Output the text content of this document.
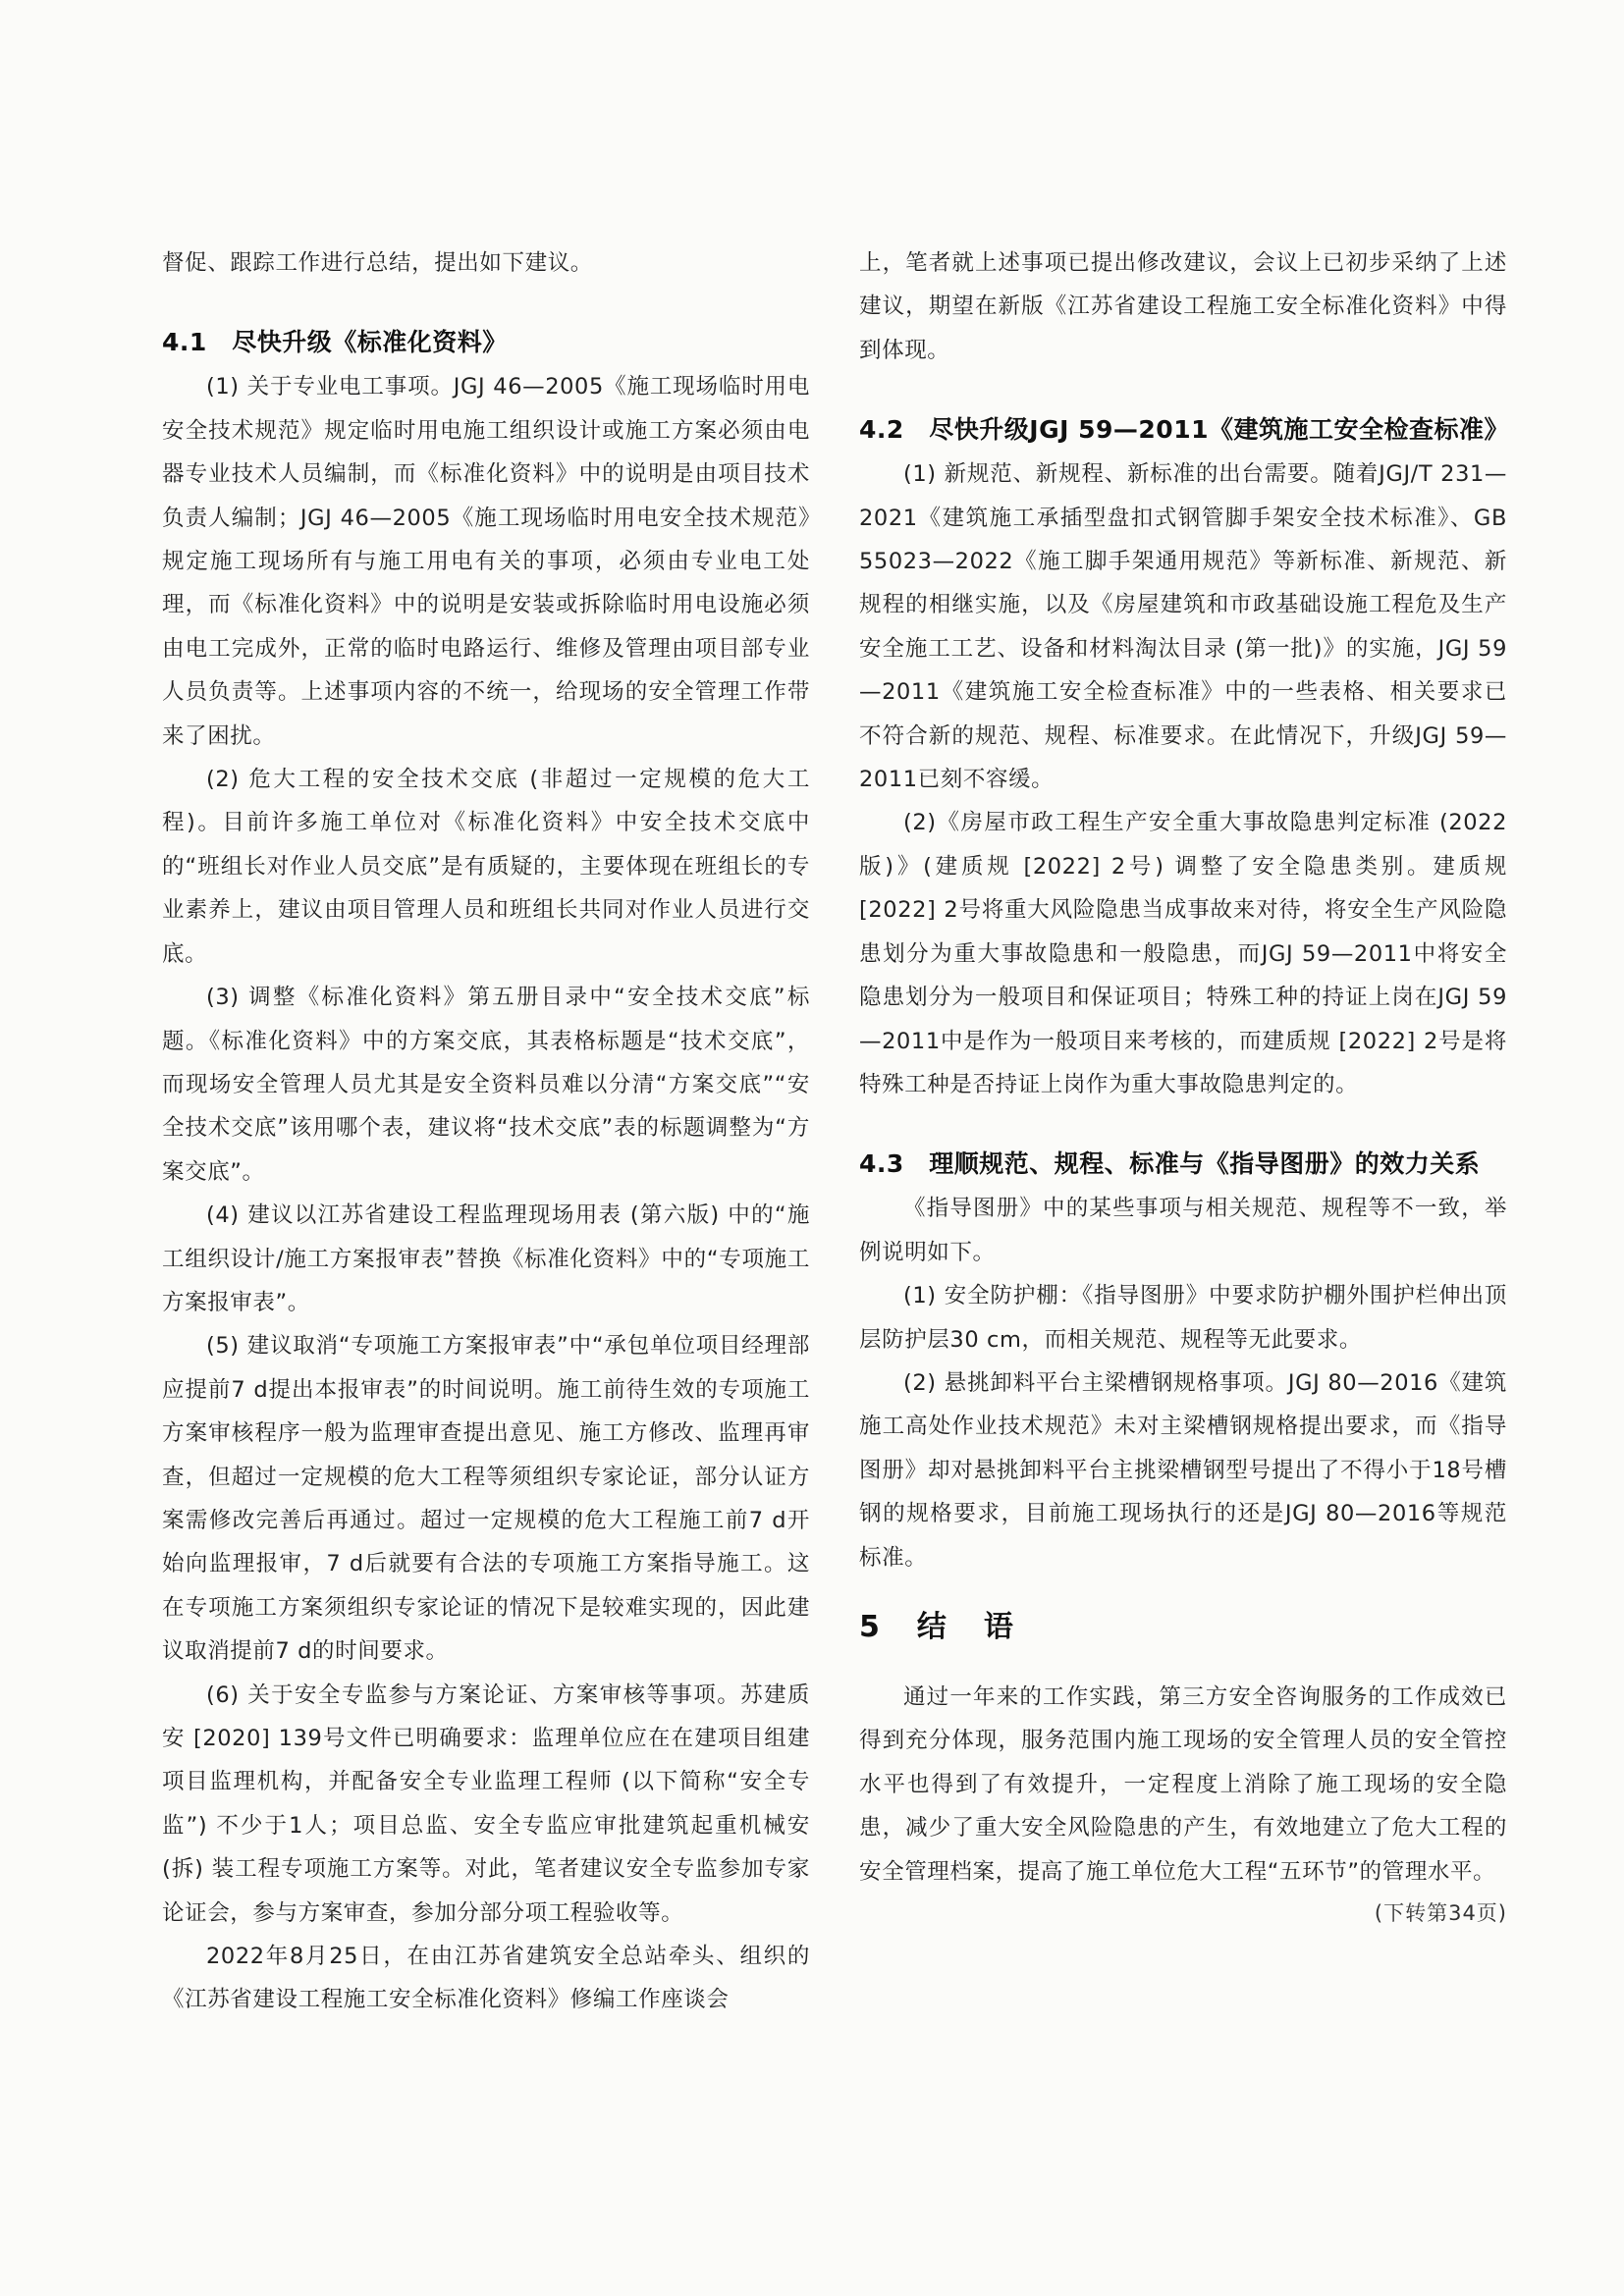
督促、跟踪工作进行总结，提出如下建议。

4.1　尽快升级《标准化资料》

(1) 关于专业电工事项。JGJ 46—2005《施工现场临时用电安全技术规范》规定临时用电施工组织设计或施工方案必须由电器专业技术人员编制，而《标准化资料》中的说明是由项目技术负责人编制；JGJ 46—2005《施工现场临时用电安全技术规范》规定施工现场所有与施工用电有关的事项，必须由专业电工处理，而《标准化资料》中的说明是安装或拆除临时用电设施必须由电工完成外，正常的临时电路运行、维修及管理由项目部专业人员负责等。上述事项内容的不统一，给现场的安全管理工作带来了困扰。

(2) 危大工程的安全技术交底 (非超过一定规模的危大工程)。目前许多施工单位对《标准化资料》中安全技术交底中的“班组长对作业人员交底”是有质疑的，主要体现在班组长的专业素养上，建议由项目管理人员和班组长共同对作业人员进行交底。

(3) 调整《标准化资料》第五册目录中“安全技术交底”标题。《标准化资料》中的方案交底，其表格标题是“技术交底”，而现场安全管理人员尤其是安全资料员难以分清“方案交底”“安全技术交底”该用哪个表，建议将“技术交底”表的标题调整为“方案交底”。

(4) 建议以江苏省建设工程监理现场用表 (第六版) 中的“施工组织设计/施工方案报审表”替换《标准化资料》中的“专项施工方案报审表”。

(5) 建议取消“专项施工方案报审表”中“承包单位项目经理部应提前7 d提出本报审表”的时间说明。施工前待生效的专项施工方案审核程序一般为监理审查提出意见、施工方修改、监理再审查，但超过一定规模的危大工程等须组织专家论证，部分认证方案需修改完善后再通过。超过一定规模的危大工程施工前7 d开始向监理报审，7 d后就要有合法的专项施工方案指导施工。这在专项施工方案须组织专家论证的情况下是较难实现的，因此建议取消提前7 d的时间要求。

(6) 关于安全专监参与方案论证、方案审核等事项。苏建质安 [2020] 139号文件已明确要求：监理单位应在在建项目组建项目监理机构，并配备安全专业监理工程师 (以下简称“安全专监”) 不少于1人；项目总监、安全专监应审批建筑起重机械安 (拆) 装工程专项施工方案等。对此，笔者建议安全专监参加专家论证会，参与方案审查，参加分部分项工程验收等。

2022年8月25日，在由江苏省建筑安全总站牵头、组织的《江苏省建设工程施工安全标准化资料》修编工作座谈会

上，笔者就上述事项已提出修改建议，会议上已初步采纳了上述建议，期望在新版《江苏省建设工程施工安全标准化资料》中得到体现。

4.2　尽快升级JGJ 59—2011《建筑施工安全检查标准》

(1) 新规范、新规程、新标准的出台需要。随着JGJ/T 231—2021《建筑施工承插型盘扣式钢管脚手架安全技术标准》、GB 55023—2022《施工脚手架通用规范》等新标准、新规范、新规程的相继实施，以及《房屋建筑和市政基础设施工程危及生产安全施工工艺、设备和材料淘汰目录 (第一批)》的实施，JGJ 59—2011《建筑施工安全检查标准》中的一些表格、相关要求已不符合新的规范、规程、标准要求。在此情况下，升级JGJ 59—2011已刻不容缓。

(2)《房屋市政工程生产安全重大事故隐患判定标准 (2022版)》(建质规 [2022] 2号) 调整了安全隐患类别。建质规 [2022] 2号将重大风险隐患当成事故来对待，将安全生产风险隐患划分为重大事故隐患和一般隐患，而JGJ 59—2011中将安全隐患划分为一般项目和保证项目；特殊工种的持证上岗在JGJ 59—2011中是作为一般项目来考核的，而建质规 [2022] 2号是将特殊工种是否持证上岗作为重大事故隐患判定的。

4.3　理顺规范、规程、标准与《指导图册》的效力关系

《指导图册》中的某些事项与相关规范、规程等不一致，举例说明如下。

(1) 安全防护棚：《指导图册》中要求防护棚外围护栏伸出顶层防护层30 cm，而相关规范、规程等无此要求。

(2) 悬挑卸料平台主梁槽钢规格事项。JGJ 80—2016《建筑施工高处作业技术规范》未对主梁槽钢规格提出要求，而《指导图册》却对悬挑卸料平台主挑梁槽钢型号提出了不得小于18号槽钢的规格要求，目前施工现场执行的还是JGJ 80—2016等规范标准。

5　结　语

通过一年来的工作实践，第三方安全咨询服务的工作成效已得到充分体现，服务范围内施工现场的安全管理人员的安全管控水平也得到了有效提升，一定程度上消除了施工现场的安全隐患，减少了重大安全风险隐患的产生，有效地建立了危大工程的安全管理档案，提高了施工单位危大工程“五环节”的管理水平。

(下转第34页)
